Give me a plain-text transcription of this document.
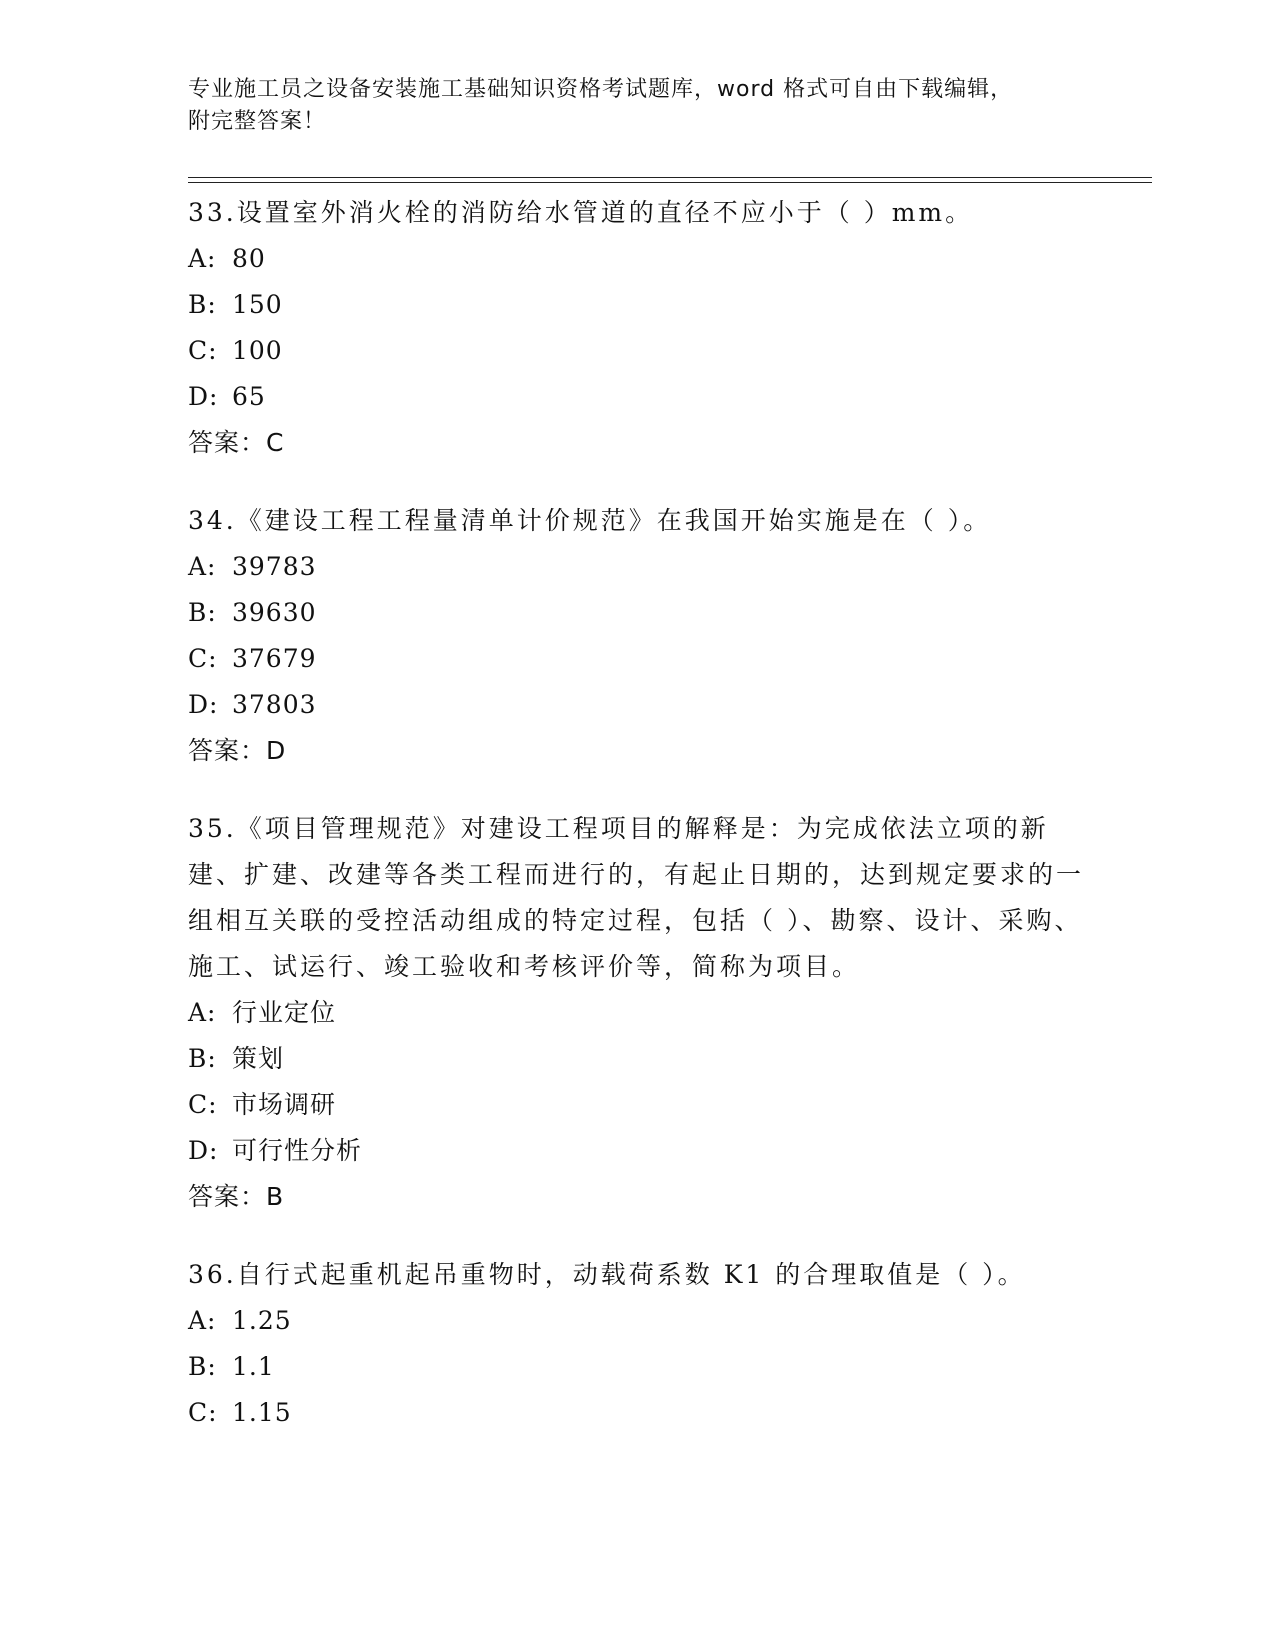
专业施工员之设备安装施工基础知识资格考试题库，word 格式可自由下载编辑，
附完整答案！

33.设置室外消火栓的消防给水管道的直径不应小于（ ）mm。

A: 80

B: 150

C: 100

D: 65

答案：C

34.《建设工程工程量清单计价规范》在我国开始实施是在（ ）。

A: 39783

B: 39630

C: 37679

D: 37803

答案：D

35.《项目管理规范》对建设工程项目的解释是：为完成依法立项的新建、扩建、改建等各类工程而进行的，有起止日期的，达到规定要求的一组相互关联的受控活动组成的特定过程，包括（ ）、勘察、设计、采购、施工、试运行、竣工验收和考核评价等，简称为项目。

A: 行业定位

B: 策划

C: 市场调研

D: 可行性分析

答案：B

36.自行式起重机起吊重物时，动载荷系数 K1 的合理取值是（ ）。

A: 1.25

B: 1.1

C: 1.15
